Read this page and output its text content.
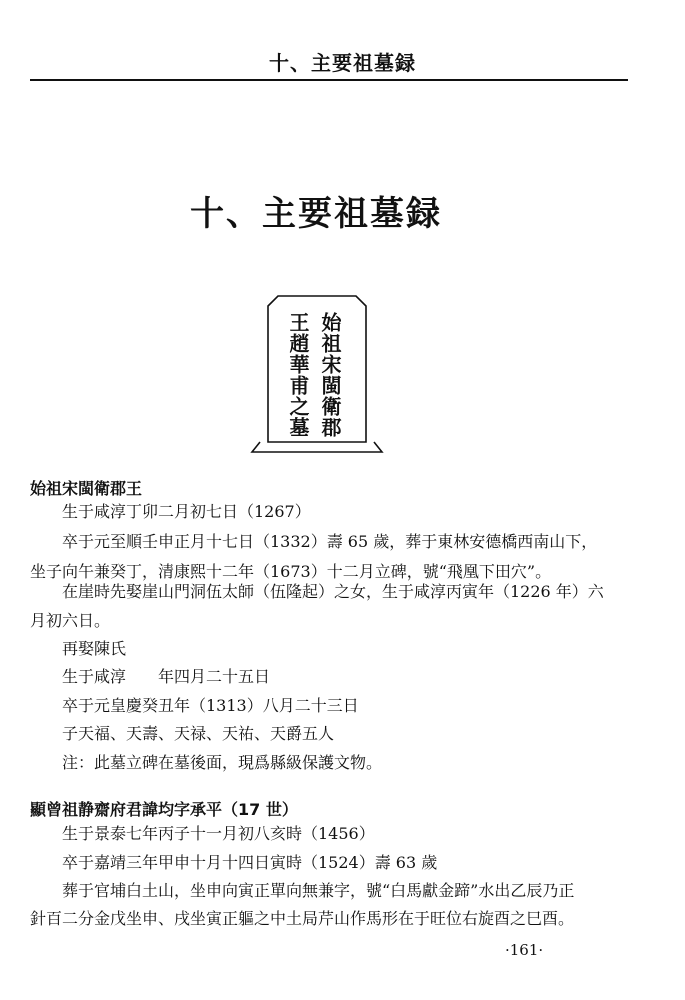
十、主要祖墓録
十、主要祖墓録
始祖宋閩衛郡
王趙華甫之墓
始祖宋閩衛郡王
生于咸淳丁卯二月初七日（1267）
卒于元至順壬申正月十七日（1332）壽 65 歲，葬于東林安德橋西南山下，
坐子向午兼癸丁，清康熙十二年（1673）十二月立碑，號“飛凰下田穴”。
在崖時先娶崖山門洞伍太師（伍隆起）之女，生于咸淳丙寅年（1226 年）六
月初六日。
再娶陳氏
生于咸淳　　年四月二十五日
卒于元皇慶癸丑年（1313）八月二十三日
子天福、天壽、天禄、天祐、天爵五人
注：此墓立碑在墓後面，現爲縣級保護文物。
顯曾祖静齋府君諱均字承平（17 世）
生于景泰七年丙子十一月初八亥時（1456）
卒于嘉靖三年甲申十月十四日寅時（1524）壽 63 歲
葬于官埔白土山，坐申向寅正單向無兼字，號“白馬獻金蹄”水出乙辰乃正
針百二分金戊坐申、戌坐寅正軀之中土局芹山作馬形在于旺位右旋酉之巳酉。
·161·
